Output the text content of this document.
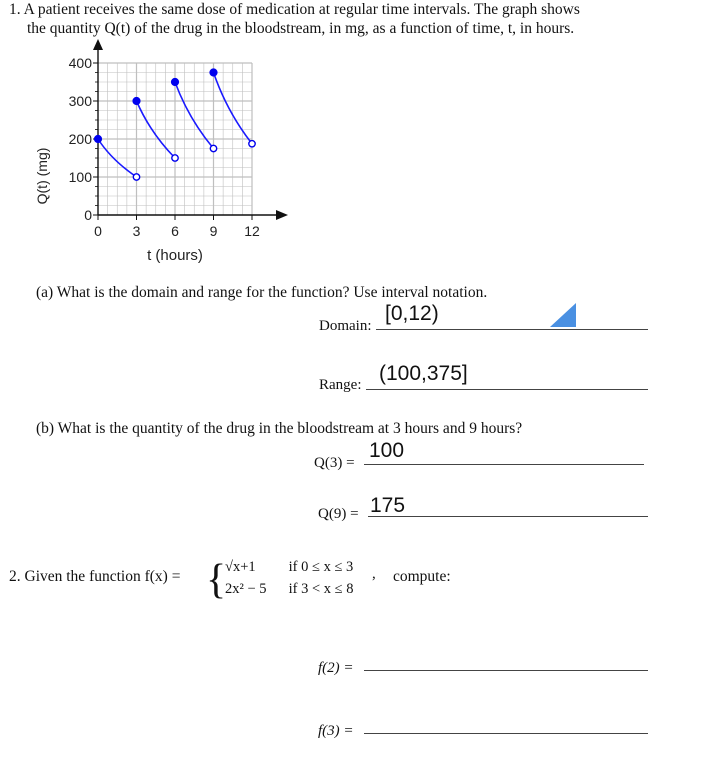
1. A patient receives the same dose of medication at regular time intervals. The graph shows
the quantity Q(t) of the drug in the bloodstream, in mg, as a function of time, t, in hours.
0
100
200
300
400
0 3 6 9 12
t (hours)
Q(t) (mg)
(a) What is the domain and range for the function? Use interval notation.
Domain:
[0,12)
Range: (100,375]
(b) What is the quantity of the drug in the bloodstream at 3 hours and 9 hours?
Q(3) =
100
Q(9) = 175
2. Given the function f(x) = {
√x+1 if 0 ≤ x ≤ 3
2x² − 5 if 3 < x ≤ 8
, compute:
f(2) =
f(3) =
